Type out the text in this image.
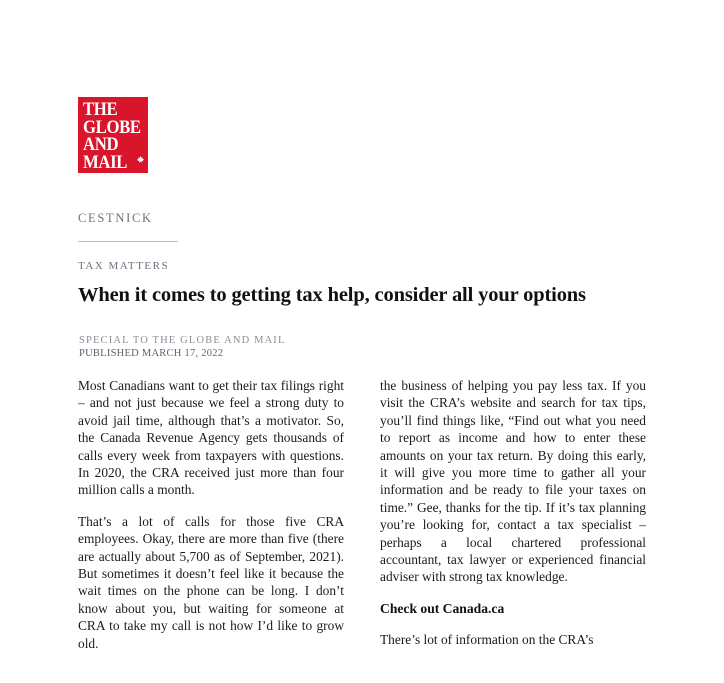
THE
GLOBE
AND
MAIL
CESTNICK
TAX MATTERS
When it comes to getting tax help, consider all your options
SPECIAL TO THE GLOBE AND MAIL
PUBLISHED MARCH 17, 2022

Most Canadians want to get their tax filings right – and not just because we feel a strong duty to avoid jail time, although that’s a motivator. So, the Canada Revenue Agency gets thousands of calls every week from taxpayers with questions. In 2020, the CRA received just more than four million calls a month.

That’s a lot of calls for those five CRA employees. Okay, there are more than five (there are actually about 5,700 as of September, 2021). But sometimes it doesn’t feel like it because the wait times on the phone can be long. I don’t know about you, but waiting for someone at CRA to take my call is not how I’d like to grow old.

the business of helping you pay less tax. If you visit the CRA’s website and search for tax tips, you’ll find things like, “Find out what you need to report as income and how to enter these amounts on your tax return. By doing this early, it will give you more time to gather all your information and be ready to file your taxes on time.” Gee, thanks for the tip. If it’s tax planning you’re looking for, contact a tax specialist – perhaps a local chartered professional accountant, tax lawyer or experienced financial adviser with strong tax knowledge.

Check out Canada.ca

There’s lot of information on the CRA’s
